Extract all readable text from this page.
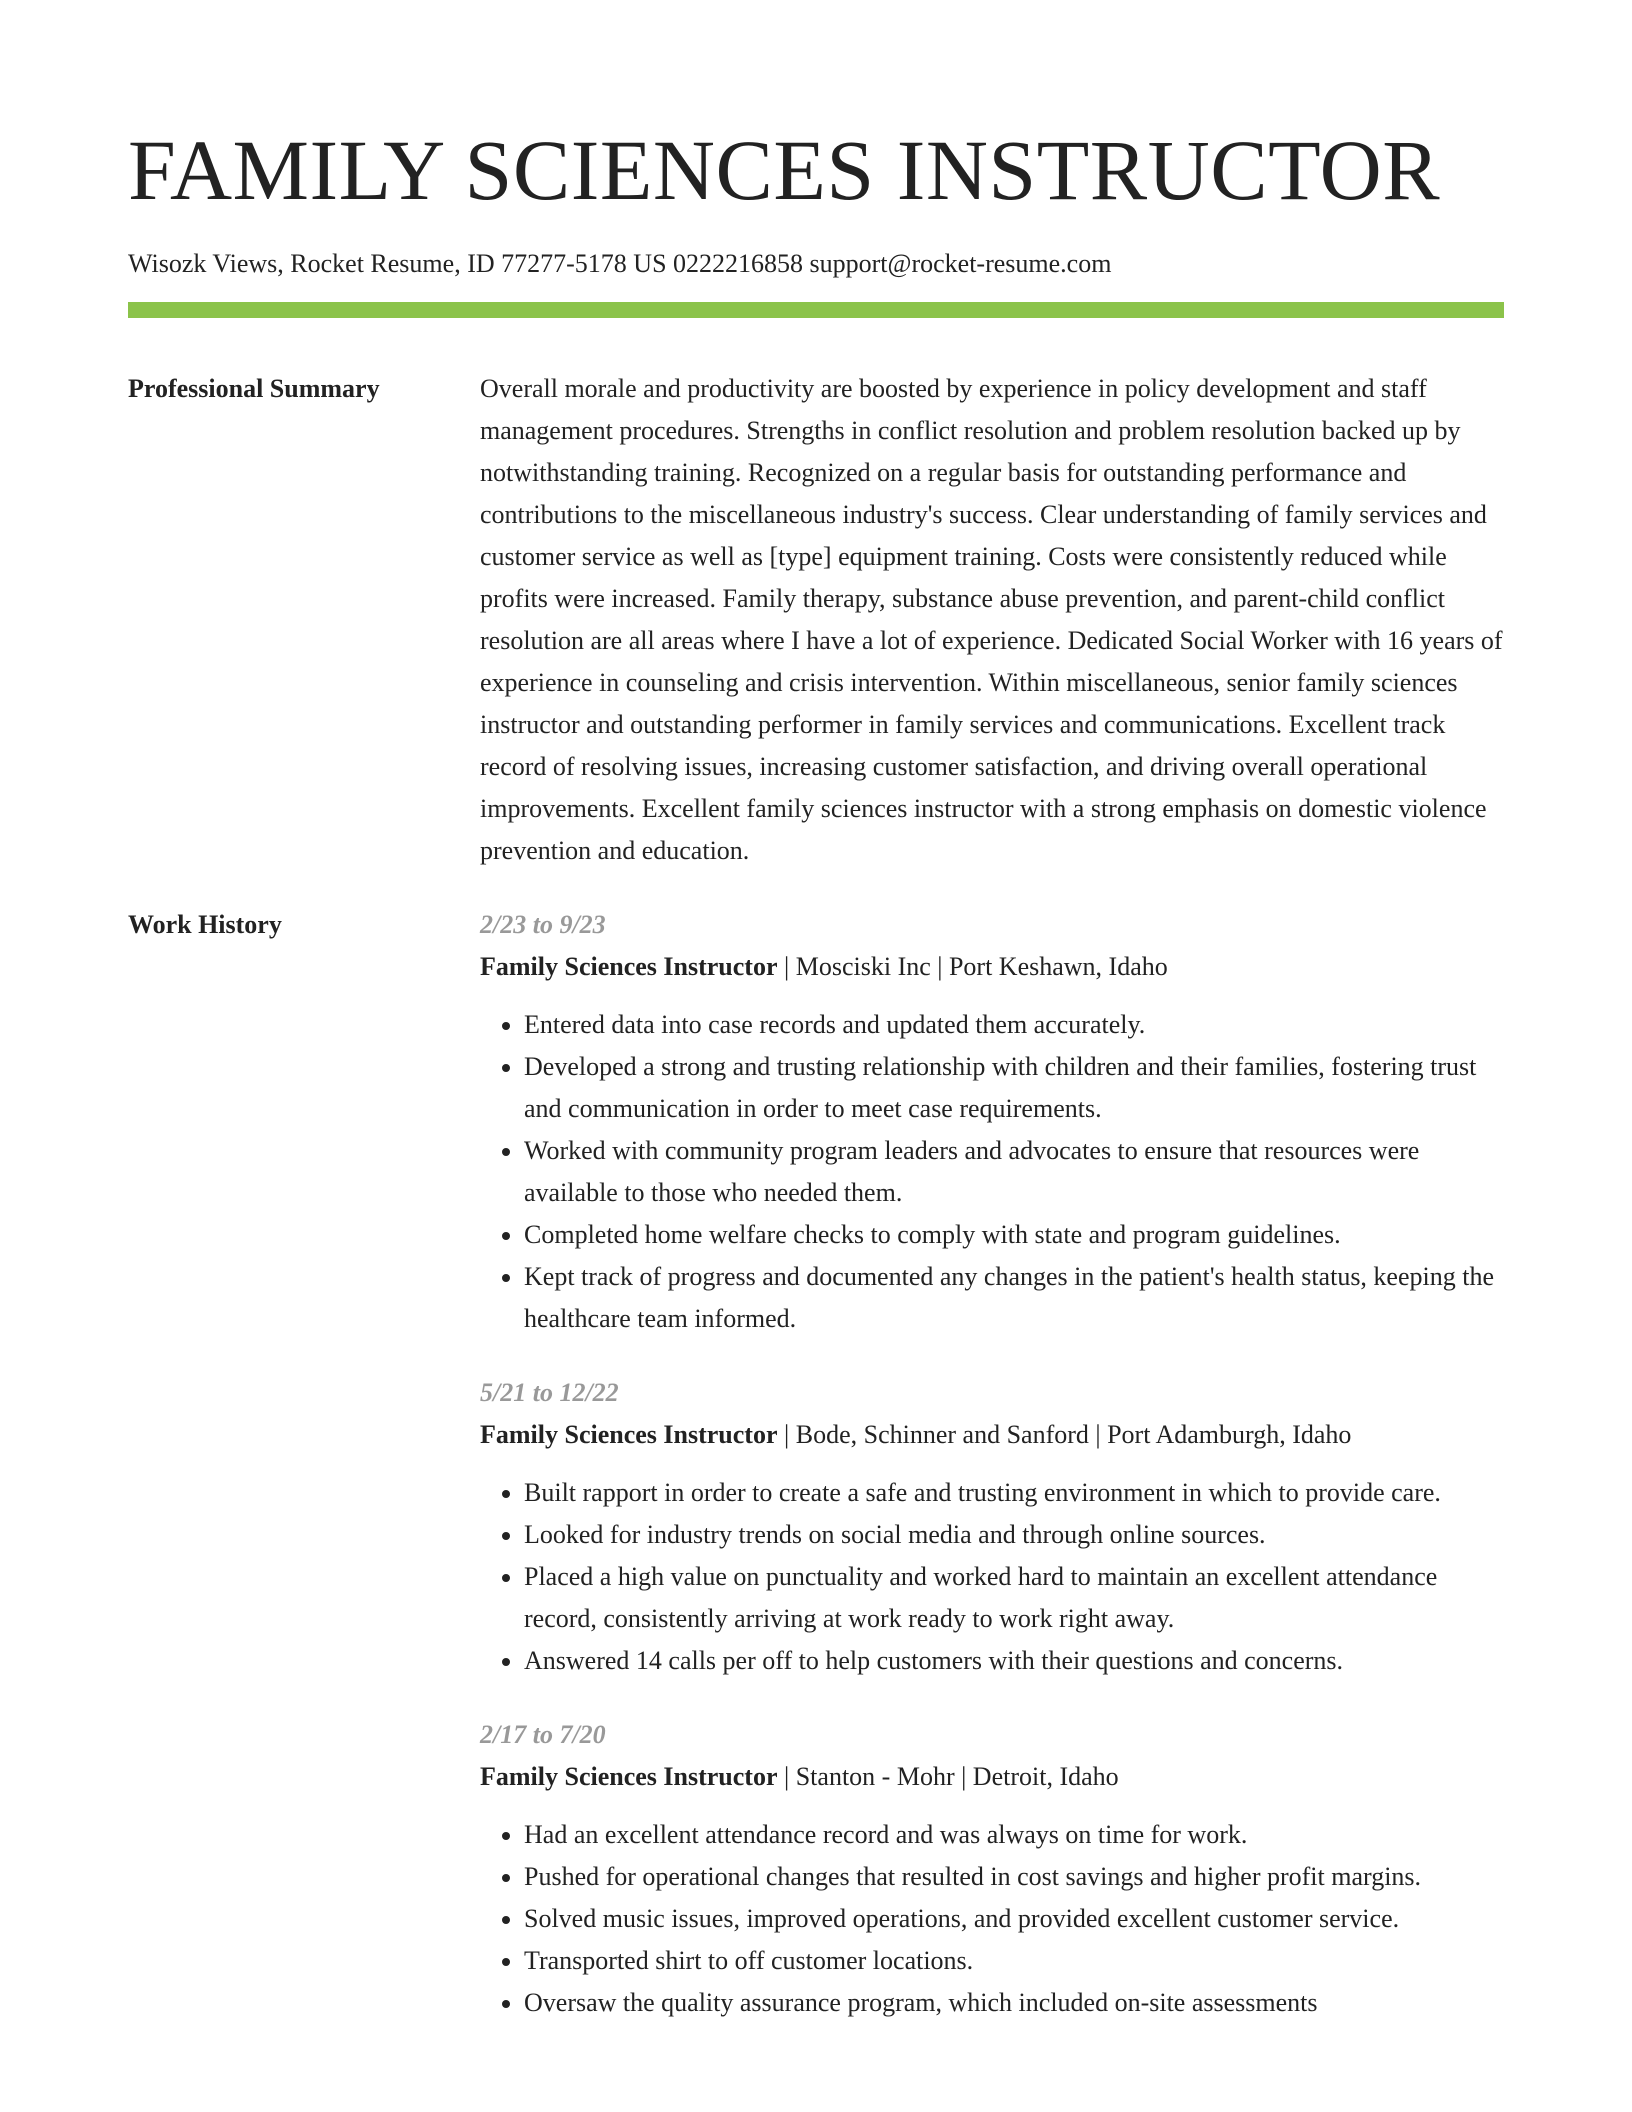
FAMILY SCIENCES INSTRUCTOR
Wisozk Views, Rocket Resume, ID 77277-5178 US 0222216858 support@rocket-resume.com
Professional Summary	Overall morale and productivity are boosted by experience in policy development and staff management procedures. Strengths in conflict resolution and problem resolution backed up by notwithstanding training. Recognized on a regular basis for outstanding performance and contributions to the miscellaneous industry's success. Clear understanding of family services and customer service as well as [type] equipment training. Costs were consistently reduced while profits were increased. Family therapy, substance abuse prevention, and parent-child conflict resolution are all areas where I have a lot of experience. Dedicated Social Worker with 16 years of experience in counseling and crisis intervention. Within miscellaneous, senior family sciences instructor and outstanding performer in family services and communications. Excellent track record of resolving issues, increasing customer satisfaction, and driving overall operational improvements. Excellent family sciences instructor with a strong emphasis on domestic violence prevention and education.

Work History	2/23 to 9/23
Family Sciences Instructor | Mosciski Inc | Port Keshawn, Idaho
• Entered data into case records and updated them accurately.
• Developed a strong and trusting relationship with children and their families, fostering trust and communication in order to meet case requirements.
• Worked with community program leaders and advocates to ensure that resources were available to those who needed them.
• Completed home welfare checks to comply with state and program guidelines.
• Kept track of progress and documented any changes in the patient's health status, keeping the healthcare team informed.
5/21 to 12/22
Family Sciences Instructor | Bode, Schinner and Sanford | Port Adamburgh, Idaho
• Built rapport in order to create a safe and trusting environment in which to provide care.
• Looked for industry trends on social media and through online sources.
• Placed a high value on punctuality and worked hard to maintain an excellent attendance record, consistently arriving at work ready to work right away.
• Answered 14 calls per off to help customers with their questions and concerns.
2/17 to 7/20
Family Sciences Instructor | Stanton - Mohr | Detroit, Idaho
• Had an excellent attendance record and was always on time for work.
• Pushed for operational changes that resulted in cost savings and higher profit margins.
• Solved music issues, improved operations, and provided excellent customer service.
• Transported shirt to off customer locations.
• Oversaw the quality assurance program, which included on-site assessments
